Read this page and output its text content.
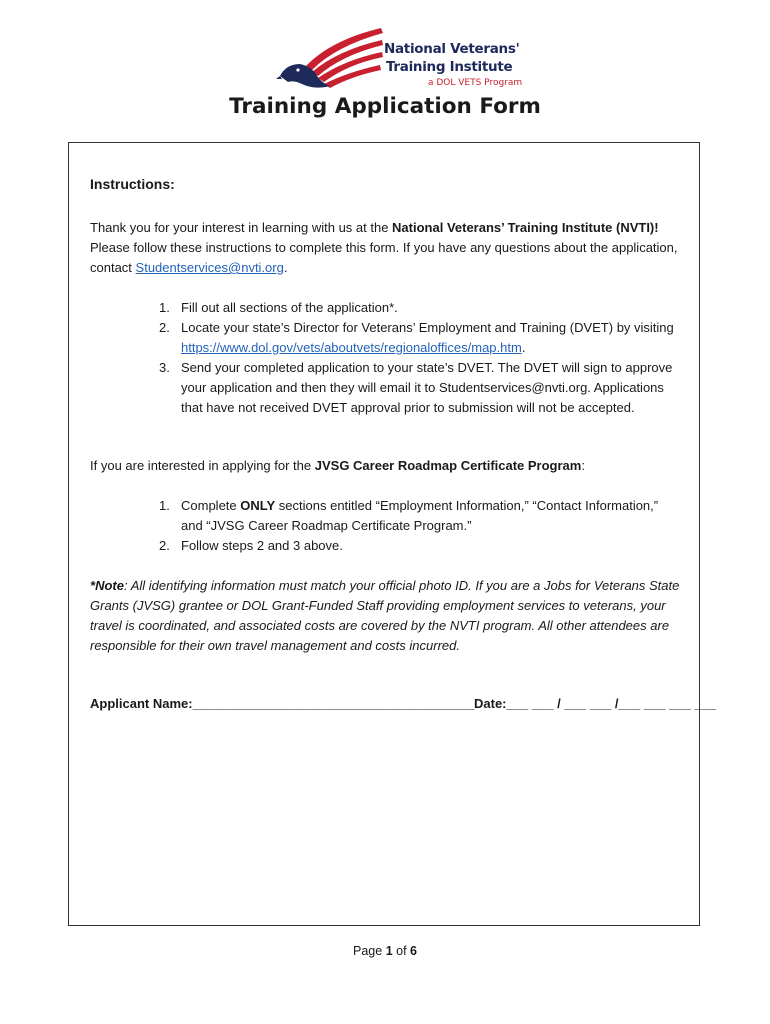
National Veterans'
Training Institute
a DOL VETS Program
Training Application Form
Instructions:
Thank you for your interest in learning with us at the National Veterans’ Training Institute (NVTI)! Please follow these instructions to complete this form. If you have any questions about the application, contact Studentservices@nvti.org.
1. Fill out all sections of the application*.
2. Locate your state’s Director for Veterans’ Employment and Training (DVET) by visiting https://www.dol.gov/vets/aboutvets/regionaloffices/map.htm.
3. Send your completed application to your state’s DVET. The DVET will sign to approve your application and then they will email it to Studentservices@nvti.org. Applications that have not received DVET approval prior to submission will not be accepted.
If you are interested in applying for the JVSG Career Roadmap Certificate Program:
1. Complete ONLY sections entitled “Employment Information,” “Contact Information,” and “JVSG Career Roadmap Certificate Program.”
2. Follow steps 2 and 3 above.
*Note: All identifying information must match your official photo ID. If you are a Jobs for Veterans State Grants (JVSG) grantee or DOL Grant-Funded Staff providing employment services to veterans, your travel is coordinated, and associated costs are covered by the NVTI program. All other attendees are responsible for their own travel management and costs incurred.
Applicant Name:_______________________________________ Date:___ ___ / ___ ___ /___ ___ ___ ___
Page 1 of 6
